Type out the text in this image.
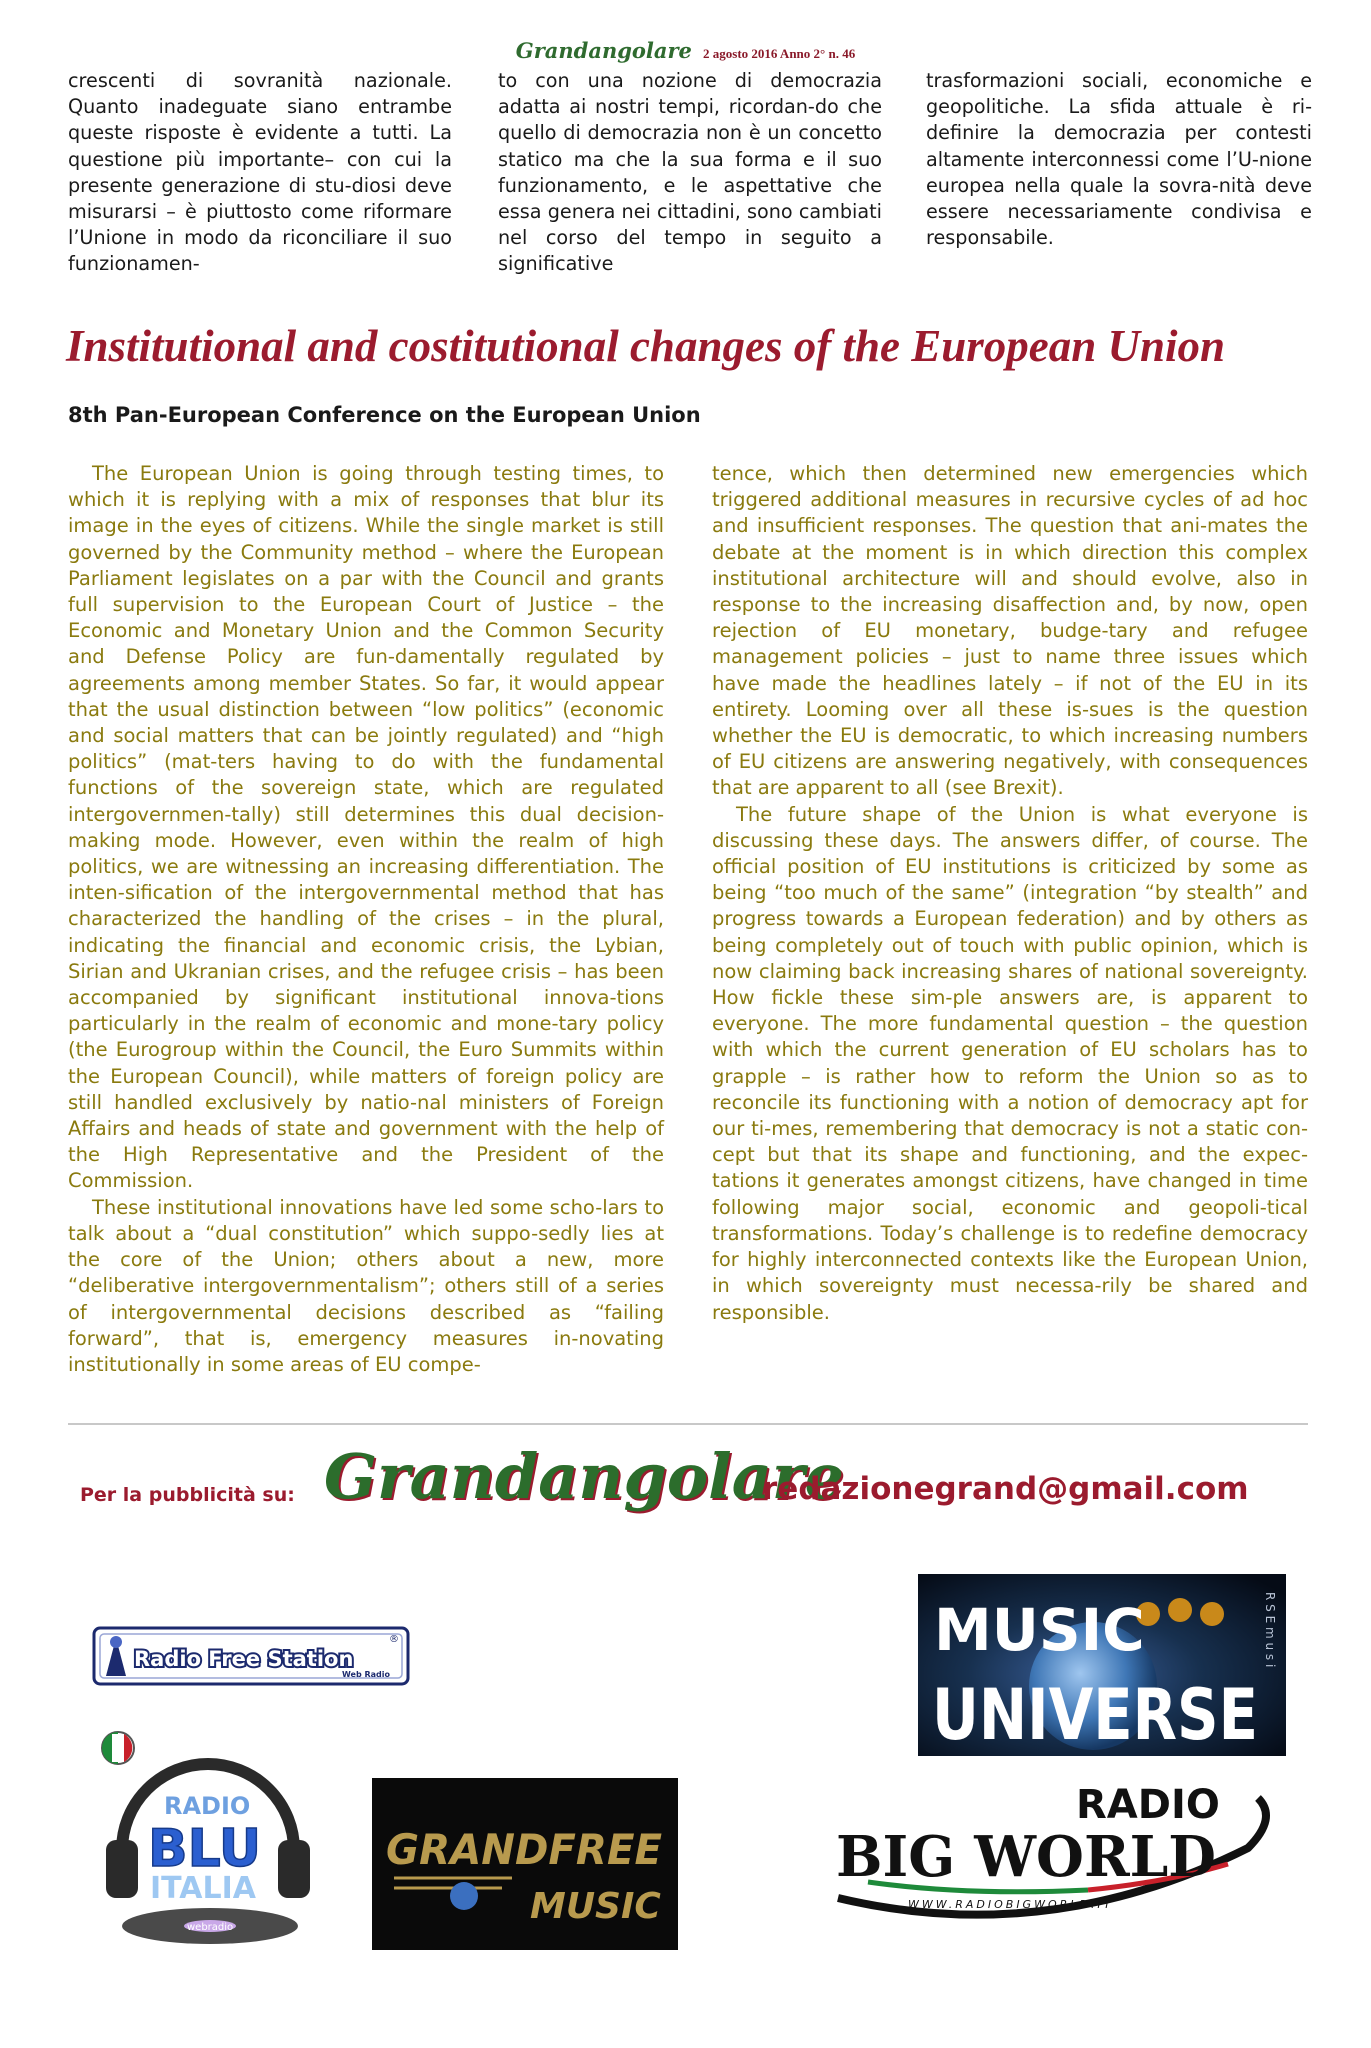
Grandangolare 2 agosto 2016 Anno 2° n. 46
crescenti di sovranità nazionale. Quanto inadeguate siano entrambe queste risposte è evidente a tutti. La questione più importante– con cui la presente generazione di stu-diosi deve misurarsi – è piuttosto come riformare l’Unione in modo da riconciliare il suo funzionamen-
to con una nozione di democrazia adatta ai nostri tempi, ricordan-do che quello di democrazia non è un concetto statico ma che la sua forma e il suo funzionamento, e le aspettative che essa genera nei cittadini, sono cambiati nel corso del tempo in seguito a significative
trasformazioni sociali, economiche e geopolitiche. La sfida attuale è ri-definire la democrazia per contesti altamente interconnessi come l’U-nione europea nella quale la sovra-nità deve essere necessariamente condivisa e responsabile.
Institutional and costitutional changes of the European Union
8th Pan-European Conference on the European Union

The European Union is going through testing times, to which it is replying with a mix of responses that blur its image in the eyes of citizens. While the single market is still governed by the Community method – where the European Parliament legislates on a par with the Council and grants full supervision to the European Court of Justice – the Economic and Monetary Union and the Common Security and Defense Policy are fun-damentally regulated by agreements among member States. So far, it would appear that the usual distinction between “low politics” (economic and social matters that can be jointly regulated) and “high politics” (mat-ters having to do with the fundamental functions of the sovereign state, which are regulated intergovernmen-tally) still determines this dual decision-making mode. However, even within the realm of high politics, we are witnessing an increasing differentiation. The inten-sification of the intergovernmental method that has characterized the handling of the crises – in the plural, indicating the financial and economic crisis, the Lybian, Sirian and Ukranian crises, and the refugee crisis – has been accompanied by significant institutional innova-tions particularly in the realm of economic and mone-tary policy (the Eurogroup within the Council, the Euro Summits within the European Council), while matters of foreign policy are still handled exclusively by natio-nal ministers of Foreign Affairs and heads of state and government with the help of the High Representative and the President of the Commission.

These institutional innovations have led some scho-lars to talk about a “dual constitution” which suppo-sedly lies at the core of the Union; others about a new, more “deliberative intergovernmentalism”; others still of a series of intergovernmental decisions described as “failing forward”, that is, emergency measures in-novating institutionally in some areas of EU compe-

tence, which then determined new emergencies which triggered additional measures in recursive cycles of ad hoc and insufficient responses. The question that ani-mates the debate at the moment is in which direction this complex institutional architecture will and should evolve, also in response to the increasing disaffection and, by now, open rejection of EU monetary, budge-tary and refugee management policies – just to name three issues which have made the headlines lately – if not of the EU in its entirety. Looming over all these is-sues is the question whether the EU is democratic, to which increasing numbers of EU citizens are answering negatively, with consequences that are apparent to all (see Brexit).

The future shape of the Union is what everyone is discussing these days. The answers differ, of course. The official position of EU institutions is criticized by some as being “too much of the same” (integration “by stealth” and progress towards a European federation) and by others as being completely out of touch with public opinion, which is now claiming back increasing shares of national sovereignty. How fickle these sim-ple answers are, is apparent to everyone. The more fundamental question – the question with which the current generation of EU scholars has to grapple – is rather how to reform the Union so as to reconcile its functioning with a notion of democracy apt for our ti-mes, remembering that democracy is not a static con-cept but that its shape and functioning, and the expec-tations it generates amongst citizens, have changed in time following major social, economic and geopoli-tical transformations. Today’s challenge is to redefine democracy for highly interconnected contexts like the European Union, in which sovereignty must necessa-rily be shared and responsible.

Per la pubblicità su: Grandangolare
redazionegrand@gmail.com
Radio Free Station
Web Radio
®	MUSIC
UNIVERSE
R S E m u s i
RADIO
BLU
ITALIA
webradio
GRANDFREE
MUSIC
RADIO
BIG WORLD
WWW.RADIOBIGWORLD.IT
